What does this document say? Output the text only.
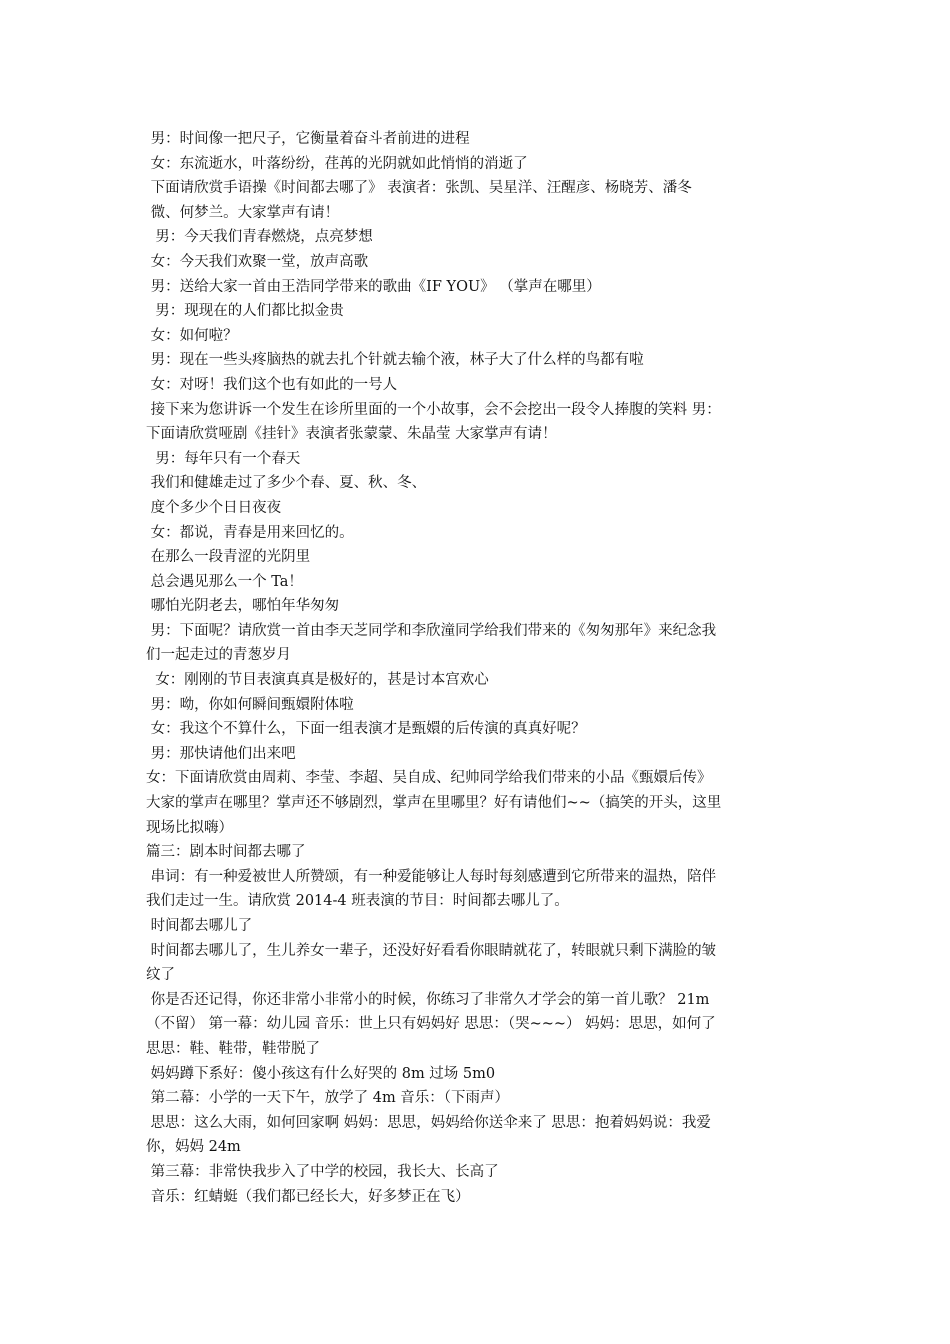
男：时间像一把尺子，它衡量着奋斗者前进的进程

女：东流逝水，叶落纷纷，荏苒的光阴就如此悄悄的消逝了

下面请欣赏手语操《时间都去哪了》 表演者：张凯、吴星洋、汪醒彦、杨晓芳、潘冬

微、何梦兰。大家掌声有请！

男：今天我们青春燃烧，点亮梦想

女：今天我们欢聚一堂，放声高歌

男：送给大家一首由王浩同学带来的歌曲《IF YOU》 （掌声在哪里）

男：现现在的人们都比拟金贵

女：如何啦？

男：现在一些头疼脑热的就去扎个针就去输个液，林子大了什么样的鸟都有啦

女：对呀！我们这个也有如此的一号人

接下来为您讲诉一个发生在诊所里面的一个小故事，会不会挖出一段令人捧腹的笑料 男：

下面请欣赏哑剧《挂针》表演者张蒙蒙、朱晶莹 大家掌声有请！

男：每年只有一个春天

我们和健雄走过了多少个春、夏、秋、冬、

度个多少个日日夜夜

女：都说，青春是用来回忆的。

在那么一段青涩的光阴里

总会遇见那么一个 Ta！

哪怕光阴老去，哪怕年华匆匆

男：下面呢？请欣赏一首由李天芝同学和李欣潼同学给我们带来的《匆匆那年》来纪念我

们一起走过的青葱岁月

女：刚刚的节目表演真真是极好的，甚是讨本宫欢心

男：呦，你如何瞬间甄嬛附体啦

女：我这个不算什么，下面一组表演才是甄嬛的后传演的真真好呢？

男：那快请他们出来吧

女：下面请欣赏由周莉、李莹、李超、吴自成、纪帅同学给我们带来的小品《甄嬛后传》

大家的掌声在哪里？掌声还不够剧烈，掌声在里哪里？好有请他们~~（搞笑的开头，这里

现场比拟嗨）

篇三：剧本时间都去哪了

串词：有一种爱被世人所赞颂，有一种爱能够让人每时每刻感遭到它所带来的温热，陪伴

我们走过一生。请欣赏 2014-4 班表演的节目：时间都去哪儿了。

时间都去哪儿了

时间都去哪儿了，生儿养女一辈子，还没好好看看你眼睛就花了，转眼就只剩下满脸的皱

纹了

你是否还记得，你还非常小非常小的时候，你练习了非常久才学会的第一首儿歌？ 21m

（不留） 第一幕：幼儿园 音乐：世上只有妈妈好 思思：（哭~~~） 妈妈：思思，如何了

思思：鞋、鞋带，鞋带脱了

妈妈蹲下系好：傻小孩这有什么好哭的 8m 过场 5m0

第二幕：小学的一天下午，放学了 4m 音乐：（下雨声）

思思：这么大雨，如何回家啊 妈妈：思思，妈妈给你送伞来了 思思：抱着妈妈说：我爱

你，妈妈 24m

第三幕：非常快我步入了中学的校园，我长大、长高了

音乐：红蜻蜓（我们都已经长大，好多梦正在飞）
